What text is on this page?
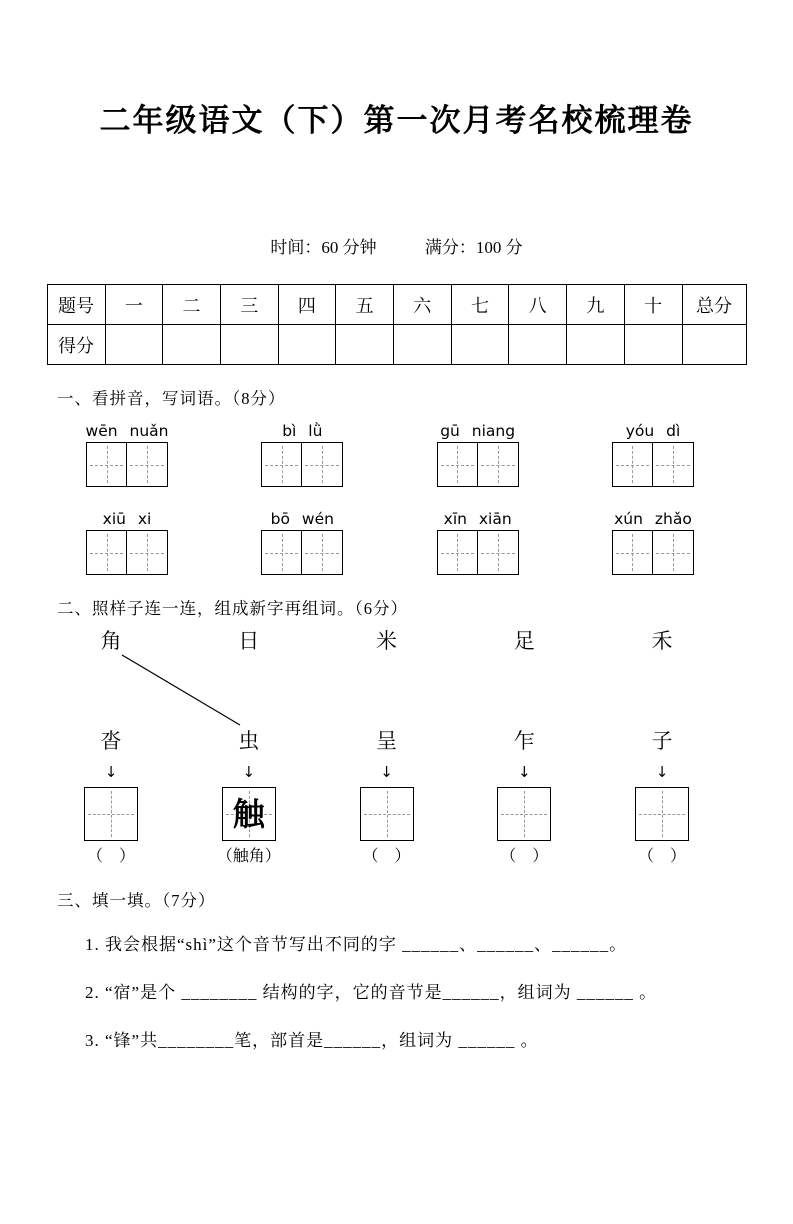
二年级语文（下）第一次月考名校梳理卷
时间：60 分钟	满分：100 分
题号	一	二	三	四	五	六	七	八	九	十	总分
得分											
一、看拼音，写词语。（8分）
wēn nuǎn	bì lǜ	gū niang	yóu dì
xiū xi	bō wén	xīn xiān	xún zhǎo
二、照样子连一连，组成新字再组词。（6分）
角
沓
↓
（　）
日
虫
↓
触
（触角）
米
呈
↓
（　）
足
乍
↓
（　）
禾
子
↓
（　）
三、填一填。（7分）
1. 我会根据“shì”这个音节写出不同的字 ______、______、______。
2. “宿”是个 ________ 结构的字，它的音节是______，组词为 ______ 。
3. “锋”共________笔，部首是______，组词为 ______ 。
